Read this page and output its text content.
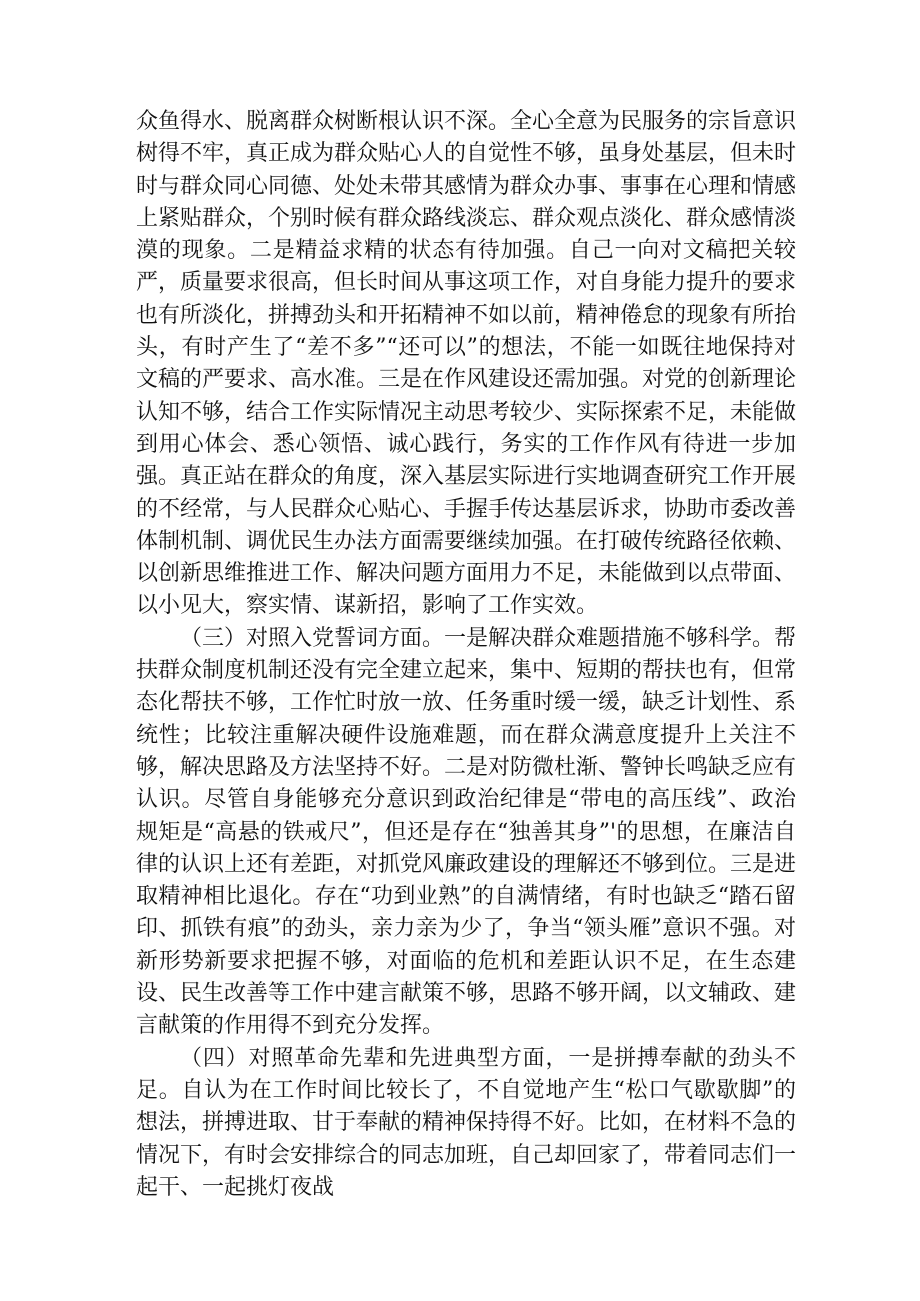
众鱼得水、脱离群众树断根认识不深。全心全意为民服务的宗旨意识树得不牢，真正成为群众贴心人的自觉性不够，虽身处基层，但未时时与群众同心同德、处处未带其感情为群众办事、事事在心理和情感上紧贴群众，个别时候有群众路线淡忘、群众观点淡化、群众感情淡漠的现象。二是精益求精的状态有待加强。自己一向对文稿把关较严，质量要求很高，但长时间从事这项工作，对自身能力提升的要求也有所淡化，拼搏劲头和开拓精神不如以前，精神倦怠的现象有所抬头，有时产生了“差不多”“还可以”的想法，不能一如既往地保持对文稿的严要求、高水准。三是在作风建设还需加强。对党的创新理论认知不够，结合工作实际情况主动思考较少、实际探索不足，未能做到用心体会、悉心领悟、诚心践行，务实的工作作风有待进一步加强。真正站在群众的角度，深入基层实际进行实地调查研究工作开展的不经常，与人民群众心贴心、手握手传达基层诉求，协助市委改善体制机制、调优民生办法方面需要继续加强。在打破传统路径依赖、以创新思维推进工作、解决问题方面用力不足，未能做到以点带面、以小见大，察实情、谋新招，影响了工作实效。

（三）对照入党誓词方面。一是解决群众难题措施不够科学。帮扶群众制度机制还没有完全建立起来，集中、短期的帮扶也有，但常态化帮扶不够，工作忙时放一放、任务重时缓一缓，缺乏计划性、系统性；比较注重解决硬件设施难题，而在群众满意度提升上关注不够，解决思路及方法坚持不好。二是对防微杜渐、警钟长鸣缺乏应有认识。尽管自身能够充分意识到政治纪律是“带电的高压线”、政治规矩是“高悬的铁戒尺”，但还是存在“独善其身”'的思想，在廉洁自律的认识上还有差距，对抓党风廉政建设的理解还不够到位。三是进取精神相比退化。存在“功到业熟”的自满情绪，有时也缺乏“踏石留印、抓铁有痕”的劲头，亲力亲为少了，争当“领头雁”意识不强。对新形势新要求把握不够，对面临的危机和差距认识不足，在生态建设、民生改善等工作中建言献策不够，思路不够开阔，以文辅政、建言献策的作用得不到充分发挥。

（四）对照革命先辈和先进典型方面，一是拼搏奉献的劲头不足。自认为在工作时间比较长了，不自觉地产生“松口气歇歇脚”的想法，拼搏进取、甘于奉献的精神保持得不好。比如，在材料不急的情况下，有时会安排综合的同志加班，自己却回家了，带着同志们一起干、一起挑灯夜战
